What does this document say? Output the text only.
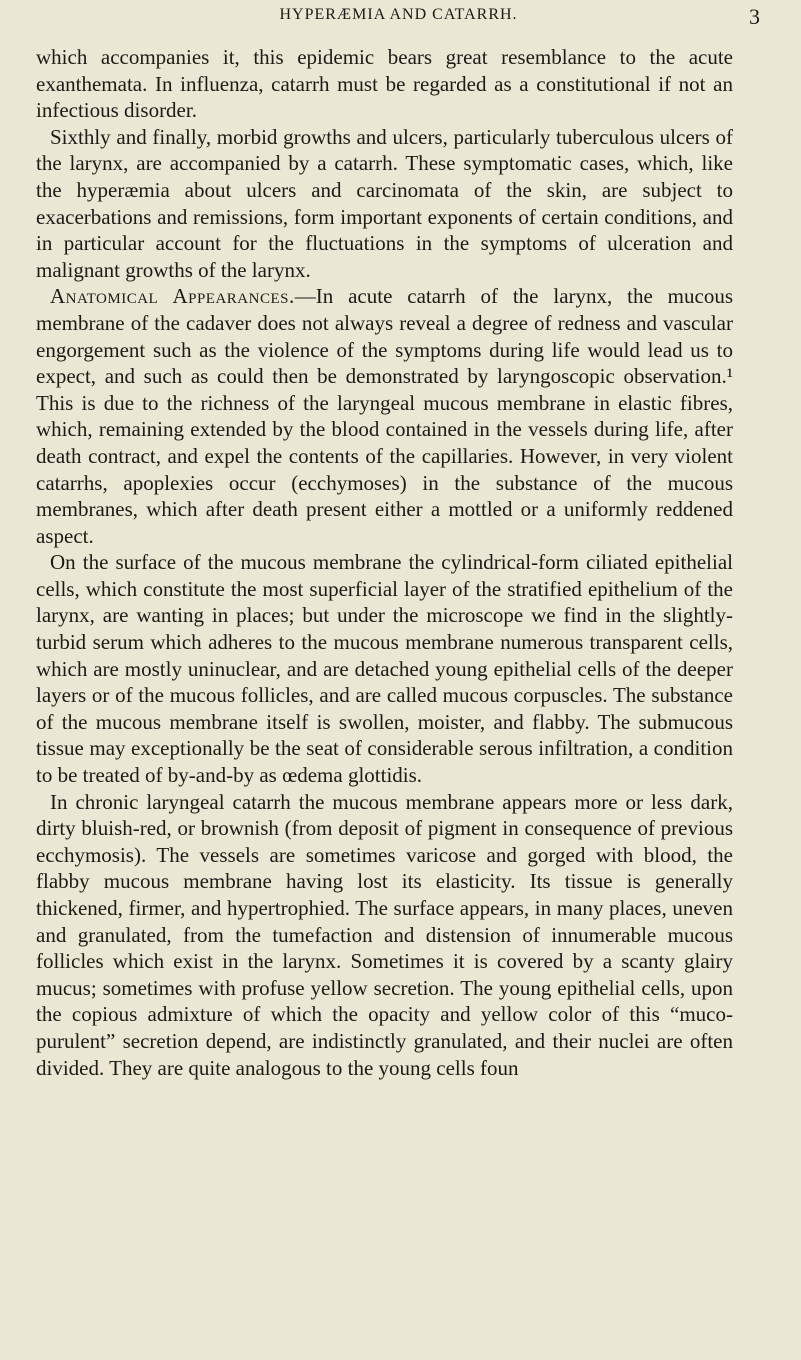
HYPERÆMIA AND CATARRH.	3

which accompanies it, this epidemic bears great resemblance to the acute exanthemata. In influenza, catarrh must be regarded as a constitutional if not an infectious disorder.

Sixthly and finally, morbid growths and ulcers, particularly tuberculous ulcers of the larynx, are accompanied by a catarrh. These symptomatic cases, which, like the hyperæmia about ulcers and carcinomata of the skin, are subject to exacerbations and remissions, form important exponents of certain conditions, and in particular account for the fluctuations in the symptoms of ulceration and malignant growths of the larynx.

Anatomical Appearances.—In acute catarrh of the larynx, the mucous membrane of the cadaver does not always reveal a degree of redness and vascular engorgement such as the violence of the symptoms during life would lead us to expect, and such as could then be demonstrated by laryngoscopic observation.¹ This is due to the richness of the laryngeal mucous membrane in elastic fibres, which, remaining extended by the blood contained in the vessels during life, after death contract, and expel the contents of the capillaries. However, in very violent catarrhs, apoplexies occur (ecchymoses) in the substance of the mucous membranes, which after death present either a mottled or a uniformly reddened aspect.

On the surface of the mucous membrane the cylindrical-form ciliated epithelial cells, which constitute the most superficial layer of the stratified epithelium of the larynx, are wanting in places; but under the microscope we find in the slightly-turbid serum which adheres to the mucous membrane numerous transparent cells, which are mostly uninuclear, and are detached young epithelial cells of the deeper layers or of the mucous follicles, and are called mucous corpuscles. The substance of the mucous membrane itself is swollen, moister, and flabby. The submucous tissue may exceptionally be the seat of considerable serous infiltration, a condition to be treated of by-and-by as œdema glottidis.

In chronic laryngeal catarrh the mucous membrane appears more or less dark, dirty bluish-red, or brownish (from deposit of pigment in consequence of previous ecchymosis). The vessels are sometimes varicose and gorged with blood, the flabby mucous membrane having lost its elasticity. Its tissue is generally thickened, firmer, and hypertrophied. The surface appears, in many places, uneven and granulated, from the tumefaction and distension of innumerable mucous follicles which exist in the larynx. Sometimes it is covered by a scanty glairy mucus; sometimes with profuse yellow secretion. The young epithelial cells, upon the copious admixture of which the opacity and yellow color of this “muco-purulent” secretion depend, are indistinctly granulated, and their nuclei are often divided. They are quite analogous to the young cells foun
